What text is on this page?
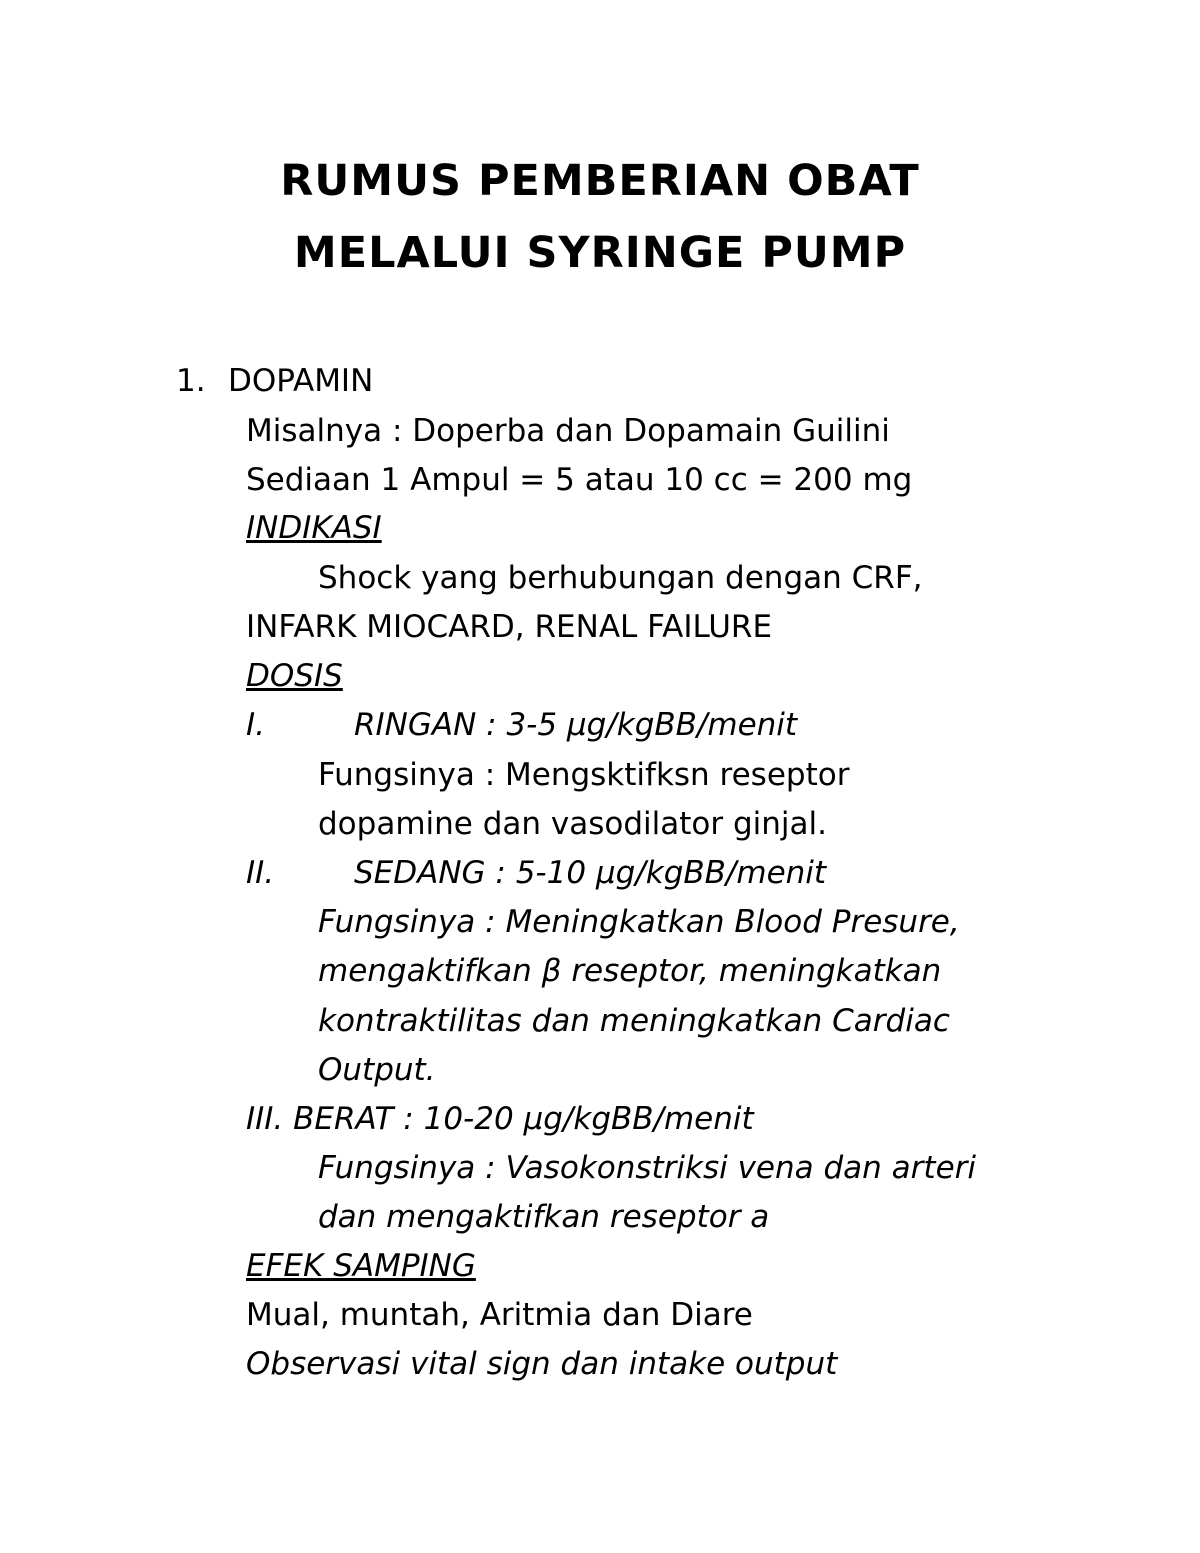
RUMUS PEMBERIAN OBAT
MELALUI SYRINGE PUMP
1. DOPAMIN
Misalnya : Doperba dan Dopamain Guilini
Sediaan 1 Ampul = 5 atau 10 cc = 200 mg
INDIKASI
Shock yang berhubungan dengan CRF,
INFARK MIOCARD, RENAL FAILURE
DOSIS
I.	RINGAN : 3-5 µg/kgBB/menit
Fungsinya : Mengsktifksn reseptor
dopamine dan vasodilator ginjal.
II.	SEDANG : 5-10 µg/kgBB/menit
Fungsinya : Meningkatkan Blood Presure,
mengaktifkan β reseptor, meningkatkan
kontraktilitas dan meningkatkan Cardiac
Output.
III. BERAT : 10-20 µg/kgBB/menit
Fungsinya : Vasokonstriksi vena dan arteri
dan mengaktifkan reseptor a
EFEK SAMPING
Mual, muntah, Aritmia dan Diare
Observasi vital sign dan intake output
